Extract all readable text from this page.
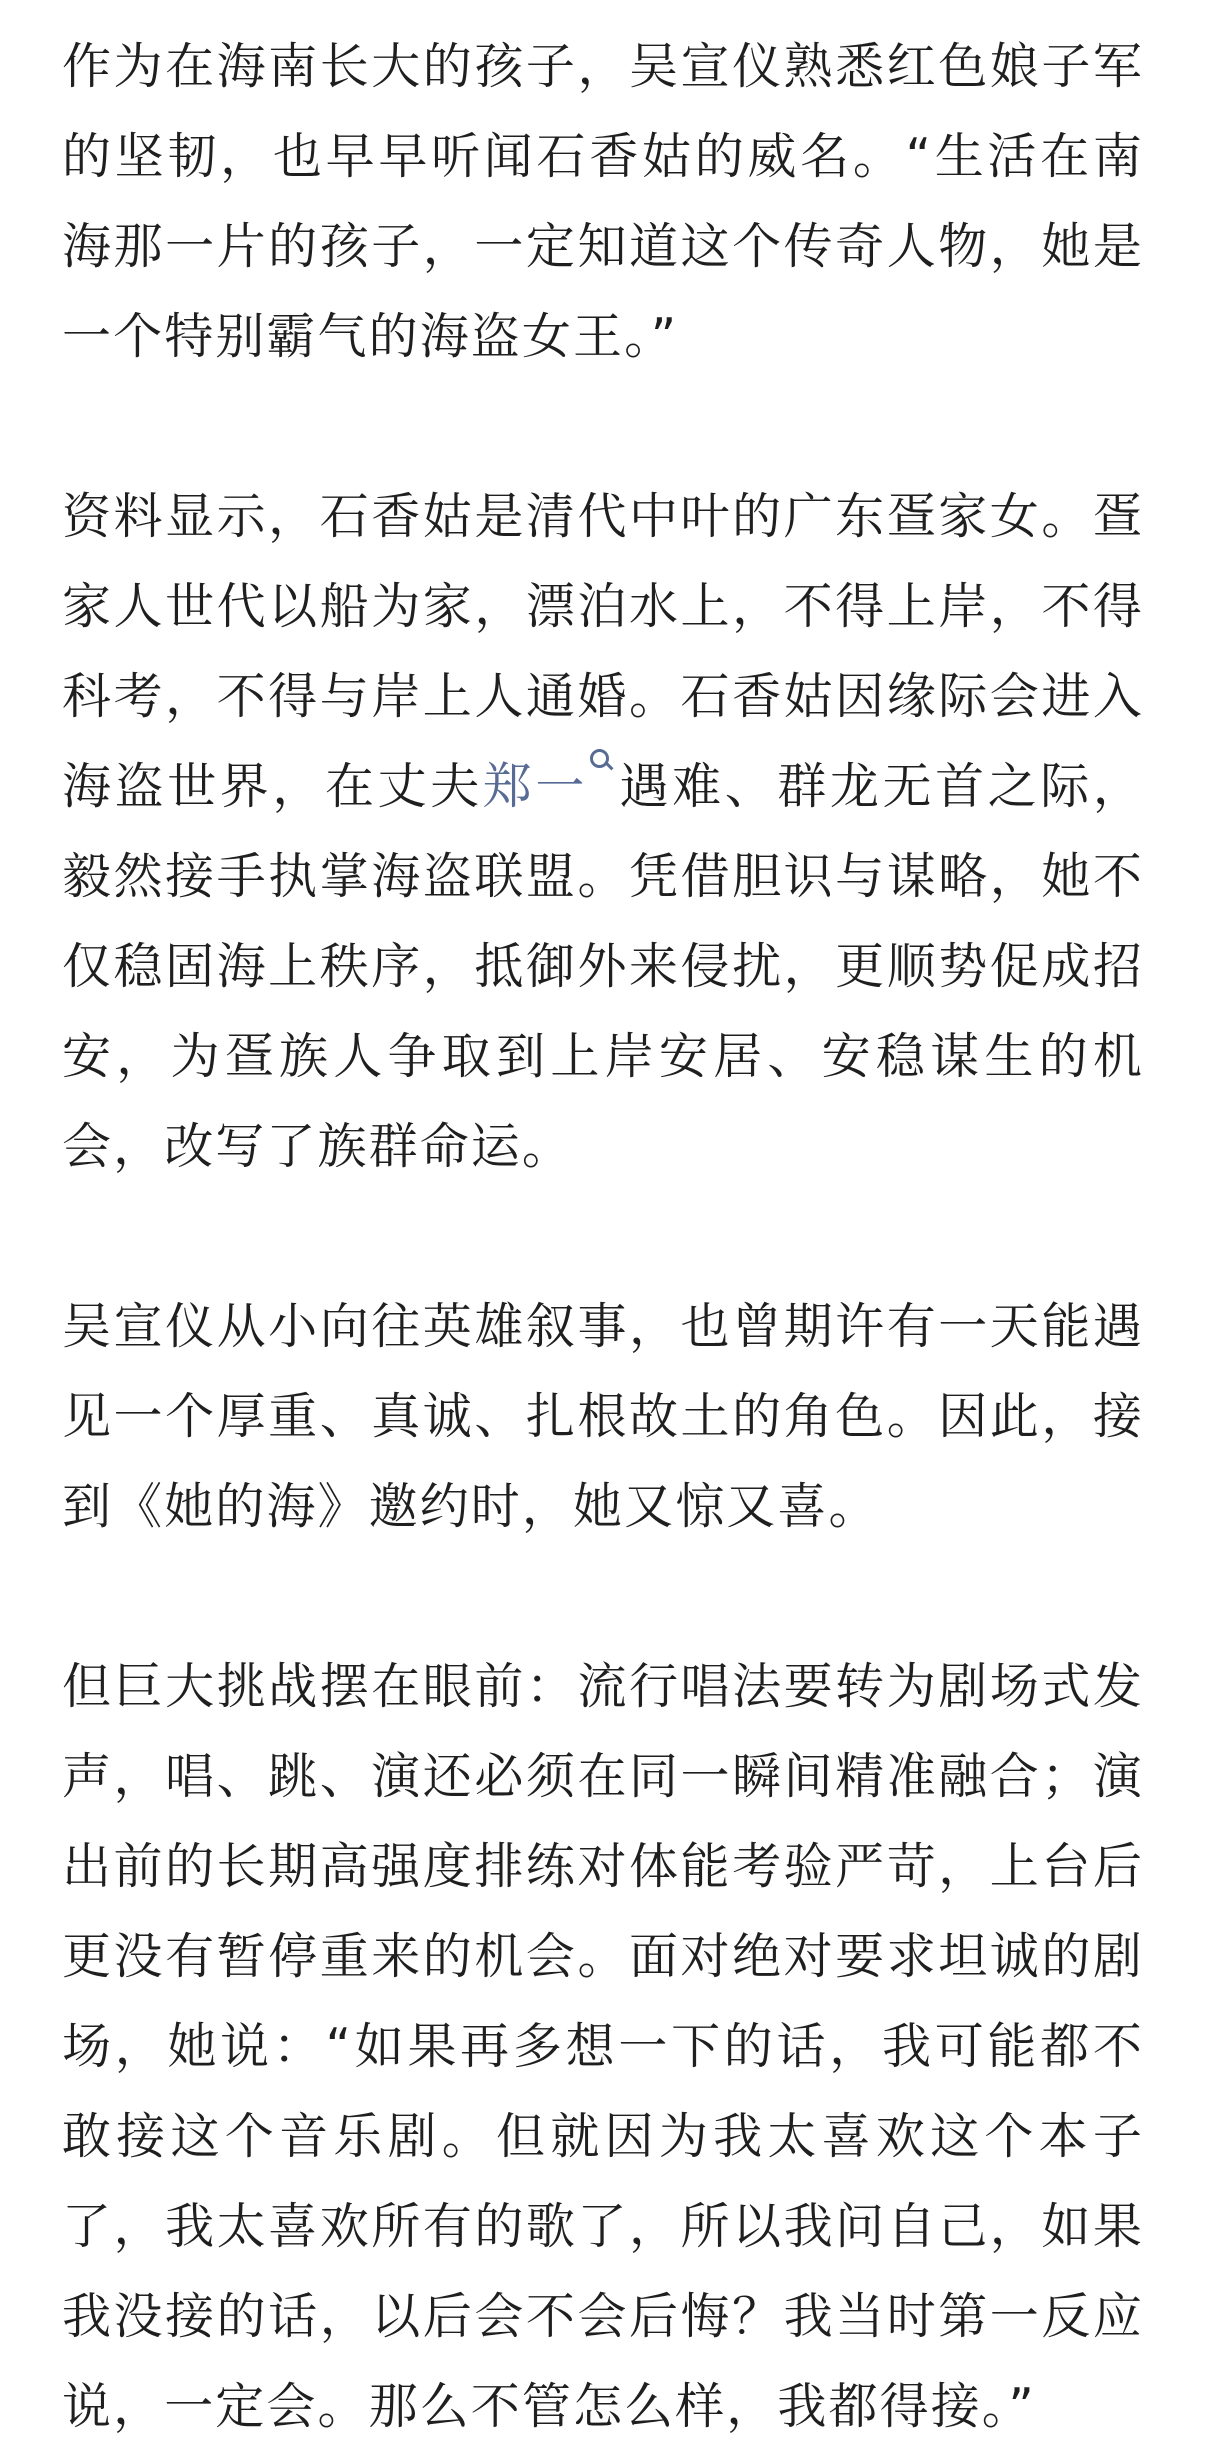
作为在海南长大的孩子，吴宣仪熟悉红色娘子军的坚韧，也早早听闻石香姑的威名。“生活在南海那一片的孩子，一定知道这个传奇人物，她是一个特别霸气的海盗女王。”

资料显示，石香姑是清代中叶的广东疍家女。疍家人世代以船为家，漂泊水上，不得上岸，不得科考，不得与岸上人通婚。石香姑因缘际会进入海盗世界，在丈夫郑一 遇难、群龙无首之际，毅然接手执掌海盗联盟。凭借胆识与谋略，她不仅稳固海上秩序，抵御外来侵扰，更顺势促成招安，为疍族人争取到上岸安居、安稳谋生的机会，改写了族群命运。

吴宣仪从小向往英雄叙事，也曾期许有一天能遇见一个厚重、真诚、扎根故土的角色。因此，接到《她的海》邀约时，她又惊又喜。

但巨大挑战摆在眼前：流行唱法要转为剧场式发声，唱、跳、演还必须在同一瞬间精准融合；演出前的长期高强度排练对体能考验严苛，上台后更没有暂停重来的机会。面对绝对要求坦诚的剧场，她说：“如果再多想一下的话，我可能都不敢接这个音乐剧。但就因为我太喜欢这个本子了，我太喜欢所有的歌了，所以我问自己，如果我没接的话，以后会不会后悔？我当时第一反应说，一定会。那么不管怎么样，我都得接。”
